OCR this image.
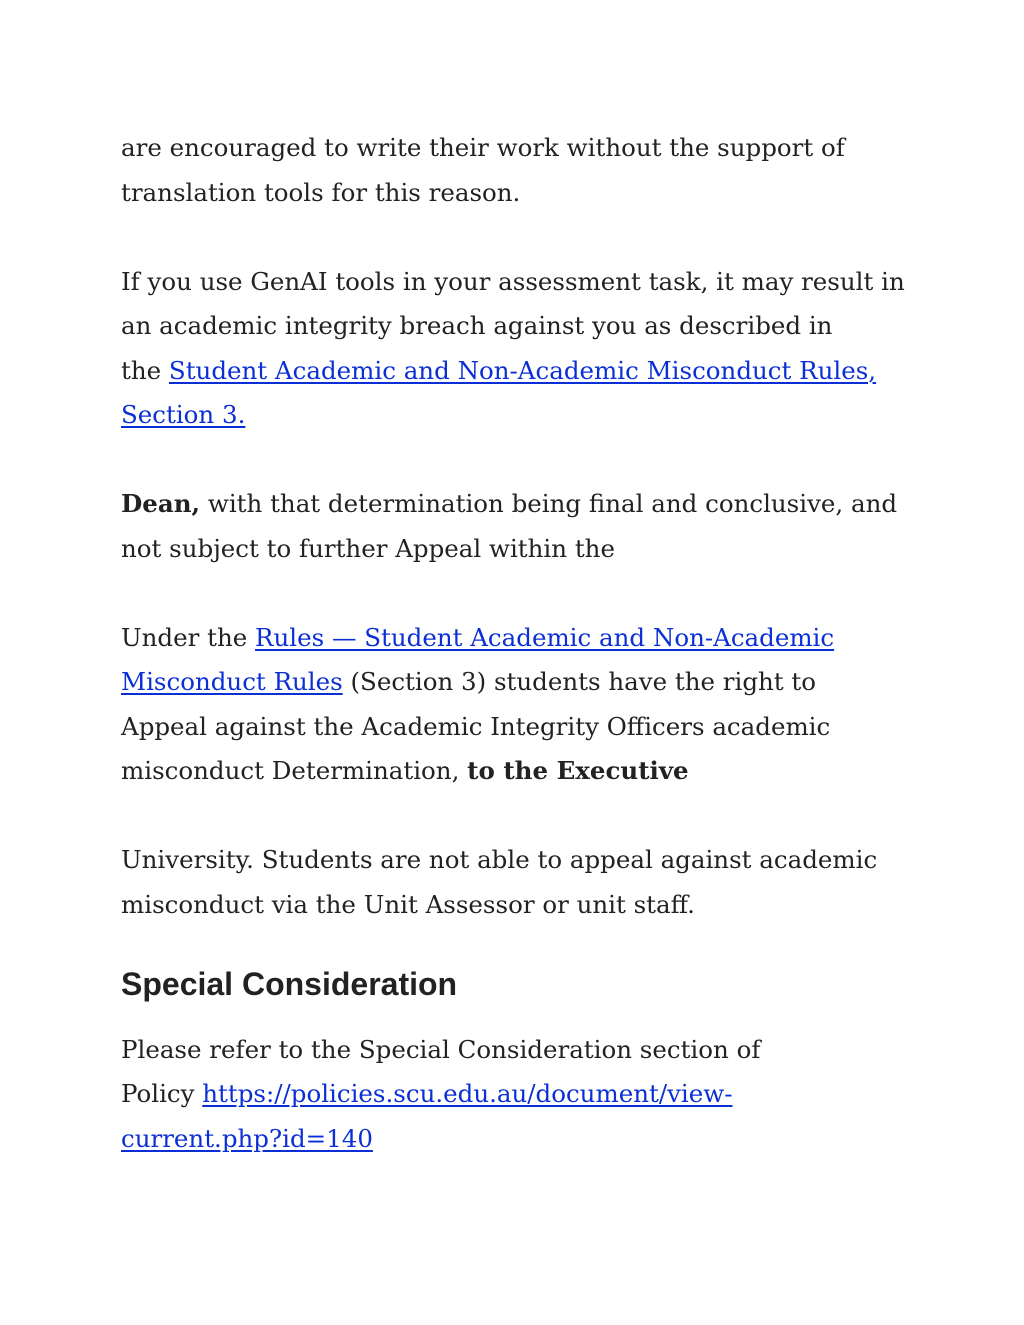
are encouraged to write their work without the support of
translation tools for this reason.

If you use GenAI tools in your assessment task, it may result in
an academic integrity breach against you as described in
the Student Academic and Non-Academic Misconduct Rules,
Section 3.

Dean, with that determination being final and conclusive, and
not subject to further Appeal within the

Under the Rules — Student Academic and Non-Academic
Misconduct Rules (Section 3) students have the right to
Appeal against the Academic Integrity Officers academic
misconduct Determination, to the Executive

University. Students are not able to appeal against academic
misconduct via the Unit Assessor or unit staff.

Special Consideration

Please refer to the Special Consideration section of
Policy https://policies.scu.edu.au/document/view-
current.php?id=140
